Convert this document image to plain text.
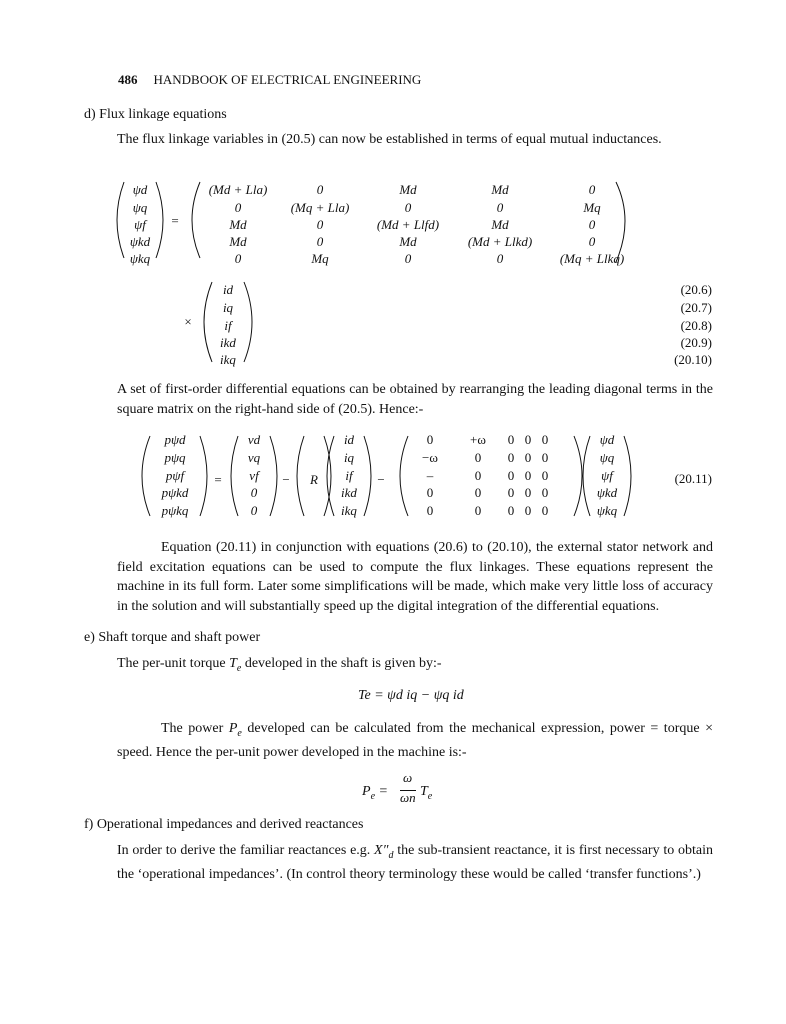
486 HANDBOOK OF ELECTRICAL ENGINEERING
d) Flux linkage equations
The flux linkage variables in (20.5) can now be established in terms of equal mutual inductances.
ψd
ψq
ψf
ψkd
ψkq
=
(Md + Lla)	0	Md	Md	0
0	(Mq + Lla)	0	0	Mq
Md	0	(Md + Llfd)	Md	0
Md	0	Md	(Md + Llkd)	0
0	Mq	0	0	(Mq + Llkq)
×
id
iq
if
ikd
ikq
(20.6)
(20.7)
(20.8)
(20.9)
(20.10)
A set of first-order differential equations can be obtained by rearranging the leading diagonal terms in the square matrix on the right-hand side of (20.5). Hence:-
pψd
pψq
pψf
pψkd
pψkq
=
vd
vq
vf
0
0
− R
id
iq
if
ikd
ikq
−
0	+ω 0 0 0
−ω	0 0 0 0
–	0 0 0 0
0	0 0 0 0
0	0 0 0 0
ψd
ψq
ψf
ψkd
ψkq
(20.11)
Equation (20.11) in conjunction with equations (20.6) to (20.10), the external stator network and field excitation equations can be used to compute the flux linkages. These equations represent the machine in its full form. Later some simplifications will be made, which make very little loss of accuracy in the solution and will substantially speed up the digital integration of the differential equations.
e) Shaft torque and shaft power
The per-unit torque $T_e$ developed in the shaft is given by:-
Te = ψd iq − ψq id
The power $P_e$ developed can be calculated from the mechanical expression, power = torque × speed. Hence the per-unit power developed in the machine is:-
$P_e$ =
ω
ωn $T_e$
f) Operational impedances and derived reactances
In order to derive the familiar reactances e.g. $X''_d$ the sub-transient reactance, it is first necessary to obtain the ‘operational impedances’. (In control theory terminology these would be called ‘transfer functions’.)
